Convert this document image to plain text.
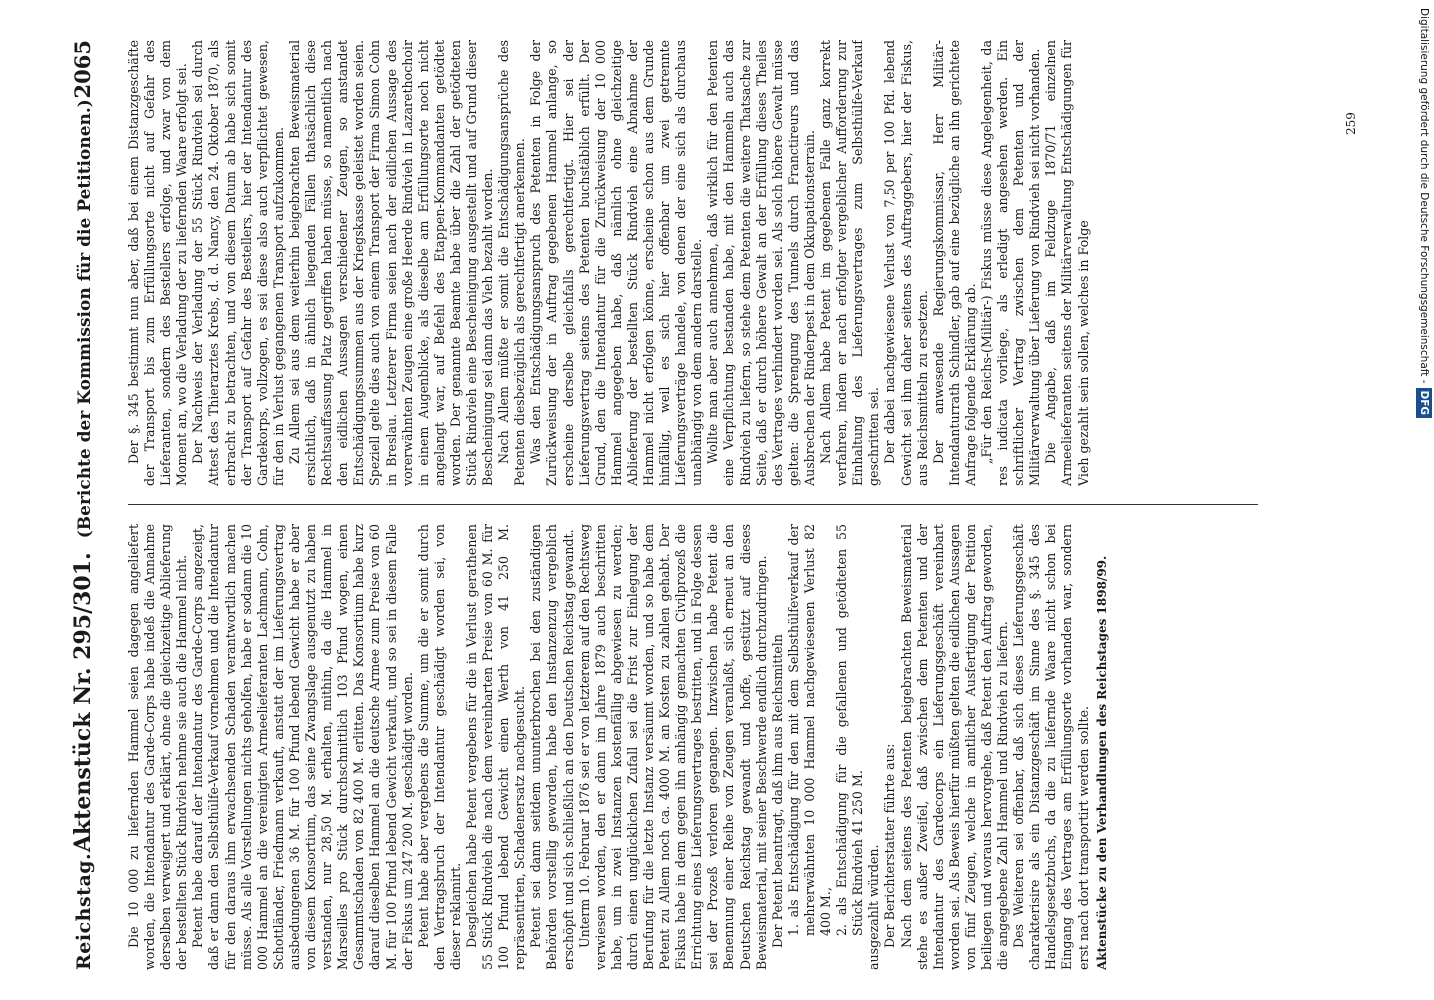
Reichstag.
Aktenstück Nr. 295/301.
(Berichte der Kommission für die Petitionen.)
2065

Die 10 000 zu liefernden Hammel seien dagegen angeliefert worden, die Intendantur des Garde-Corps habe indeß die Annahme derselben verweigert und erklärt, ohne die gleichzeitige Ablieferung der bestellten Stück Rindvieh nehme sie auch die Hammel nicht. Petent habe darauf der Intendantur des Garde-Corps angezeigt, daß er dann den Selbsthülfe-Verkauf vornehmen und die Intendantur für den daraus ihm erwachsenden Schaden verantwortlich machen müsse. Als alle Vorstellungen nichts geholfen, habe er sodann die 10 000 Hammel an die vereinigten Armeelieferanten Lachmann, Cohn, Schottländer, Friedmann verkauft, anstatt der im Lieferungsvertrag ausbedungenen 36 M. für 100 Pfund lebend Gewicht habe er aber von diesem Konsortium, das seine Zwangslage ausgenutzt zu haben verstanden, nur 28,50 M. erhalten, mithin, da die Hammel in Marseilles pro Stück durchschnittlich 103 Pfund wogen, einen Gesammtschaden von 82 400 M. erlitten. Das Konsortium habe kurz darauf dieselben Hammel an die deutsche Armee zum Preise von 60 M. für 100 Pfund lebend Gewicht verkauft, und so sei in diesem Falle der Fiskus um 247 200 M. geschädigt worden. Petent habe aber vergebens die Summe, um die er somit durch den Vertragsbruch der Intendantur geschädigt worden sei, von dieser reklamirt. Desgleichen habe Petent vergebens für die in Verlust gerathenen 55 Stück Rindvieh die nach dem vereinbarten Preise von 60 M. für 100 Pfund lebend Gewicht einen Werth von 41 250 M. repräsentirten, Schadenersatz nachgesucht. Petent sei dann seitdem ununterbrochen bei den zuständigen Behörden vorstellig geworden, habe den Instanzenzug vergeblich erschöpft und sich schließlich an den Deutschen Reichstag gewandt. Unterm 10. Februar 1876 sei er von letzterem auf den Rechtsweg verwiesen worden, den er dann im Jahre 1879 auch beschritten habe, um in zwei Instanzen kostenfällig abgewiesen zu werden; durch einen unglücklichen Zufall sei die Frist zur Einlegung der Berufung für die letzte Instanz versäumt worden, und so habe dem Petent zu Allem noch ca. 4000 M. an Kosten zu zahlen gehabt. Der Fiskus habe in dem gegen ihn anhängig gemachten Civilprozeß die Errichtung eines Lieferungsvertrages bestritten, und in Folge dessen sei der Prozeß verloren gegangen. Inzwischen habe Petent die Benennung einer Reihe von Zeugen veranlaßt, sich erneut an den Deutschen Reichstag gewandt und hoffe, gestützt auf dieses Beweismaterial, mit seiner Beschwerde endlich durchzudringen. Der Petent beantragt, daß ihm aus Reichsmitteln 1. als Entschädigung für den mit dem Selbsthülfeverkauf der mehrerwähnten 10 000 Hammel nachgewiesenen Verlust 82 400 M., 2. als Entschädigung für die gefallenen und getödteten 55 Stück Rindvieh 41 250 M. ausgezahlt würden. Der Berichterstatter führte aus: Nach dem seitens des Petenten beigebrachten Beweismaterial stehe es außer Zweifel, daß zwischen dem Petenten und der Intendantur des Gardecorps ein Lieferungsgeschäft vereinbart worden sei. Als Beweis hierfür müßten gelten die eidlichen Aussagen von fünf Zeugen, welche in amtlicher Ausfertigung der Petition beiliegen und woraus hervorgehe, daß Petent den Auftrag geworden, die angegebene Zahl Hammel und Rindvieh zu liefern. Des Weiteren sei offenbar, daß sich dieses Lieferungsgeschäft charakterisire als ein Distanzgeschäft im Sinne des §. 345 des Handelsgesetzbuchs, da die zu liefernde Waare nicht schon bei Eingang des Vertrages am Erfüllungsorte vorhanden war, sondern erst nach dort transportirt werden sollte. Aktenstücke zu den Verhandlungen des Reichstages 1898/99.

Der §. 345 bestimmt nun aber, daß bei einem Distanzgeschäfte der Transport bis zum Erfüllungsorte nicht auf Gefahr des Lieferanten, sondern des Bestellers erfolge, und zwar von dem Moment an, wo die Verladung der zu liefernden Waare erfolgt sei. Der Nachweis der Verladung der 55 Stück Rindvieh sei durch Attest des Thierarztes Krebs, d. d. Nancy, den 24. Oktober 1870, als erbracht zu betrachten, und von diesem Datum ab habe sich somit der Transport auf Gefahr des Bestellers, hier der Intendantur des Gardekorps, vollzogen, es sei diese also auch verpflichtet gewesen, für den in Verlust gegangenen Transport aufzukommen. Zu Allem sei aus dem weiterhin beigebrachten Beweismaterial ersichtlich, daß in ähnlich liegenden Fällen thatsächlich diese Rechtsauffassung Platz gegriffen haben müsse, so namentlich nach den eidlichen Aussagen verschiedener Zeugen, so anstandet Entschädigungssummen aus der Kriegskasse geleistet worden seien. Speziell gelte dies auch von einem Transport der Firma Simon Cohn in Breslau. Letzterer Firma seien nach der eidlichen Aussage des vorerwähnten Zeugen eine große Heerde Rindvieh in Lazarethochoir in einem Augenblicke, als dieselbe am Erfüllungsorte noch nicht angelangt war, auf Befehl des Etappen-Kommandanten getödtet worden. Der genannte Beamte habe über die Zahl der getödteten Stück Rindvieh eine Bescheinigung ausgestellt und auf Grund dieser Bescheinigung sei dann das Vieh bezahlt worden. Nach Allem müßte er somit die Entschädigungsansprüche des Petenten diesbezüglich als gerechtfertigt anerkennen. Was den Entschädigungsanspruch des Petenten in Folge der Zurückweisung der in Auftrag gegebenen Hammel anlange, so erscheine derselbe gleichfalls gerechtfertigt. Hier sei der Lieferungsvertrag seitens des Petenten buchstäblich erfüllt. Der Grund, den die Intendantur für die Zurückweisung der 10 000 Hammel angegeben habe, daß nämlich ohne gleichzeitige Ablieferung der bestellten Stück Rindvieh eine Abnahme der Hammel nicht erfolgen könne, erscheine schon aus dem Grunde hinfällig, weil es sich hier offenbar um zwei getrennte Lieferungsverträge handele, von denen der eine sich als durchaus unabhängig von dem andern darstelle. Wollte man aber auch annehmen, daß wirklich für den Petenten eine Verpflichtung bestanden habe, mit den Hammeln auch das Rindvieh zu liefern, so stehe dem Petenten die weitere Thatsache zur Seite, daß er durch höhere Gewalt an der Erfüllung dieses Theiles des Vertrages verhindert worden sei. Als solch höhere Gewalt müsse gelten: die Sprengung des Tunnels durch Franctireurs und das Ausbrechen der Rinderpest in dem Okkupationsterrain. Nach Allem habe Petent im gegebenen Falle ganz korrekt verfahren, indem er nach erfolgter vergeblicher Aufforderung zur Einhaltung des Lieferungsvertrages zum Selbsthülfe-Verkauf geschritten sei. Der dabei nachgewiesene Verlust von 7,50 per 100 Pfd. lebend Gewicht sei ihm daher seitens des Auftraggebers, hier der Fiskus, aus Reichsmitteln zu ersetzen. Der anwesende Regierungskommissar, Herr Militär-Intendanturrath Schindler, gab auf eine bezügliche an ihn gerichtete Anfrage folgende Erklärung ab. „Für den Reichs-(Militär-) Fiskus müsse diese Angelegenheit, da res iudicata vorliege, als erledigt angesehen werden. Ein schriftlicher Vertrag zwischen dem Petenten und der Militärverwaltung über Lieferung von Rindvieh sei nicht vorhanden. Die Angabe, daß im Feldzuge 1870/71 einzelnen Armeelieferanten seitens der Militärverwaltung Entschädigungen für Vieh gezahlt sein sollen, welches in Folge

259	Digitalisierung gefördert durch die Deutsche Forschungsgemeinschaft -DFG
